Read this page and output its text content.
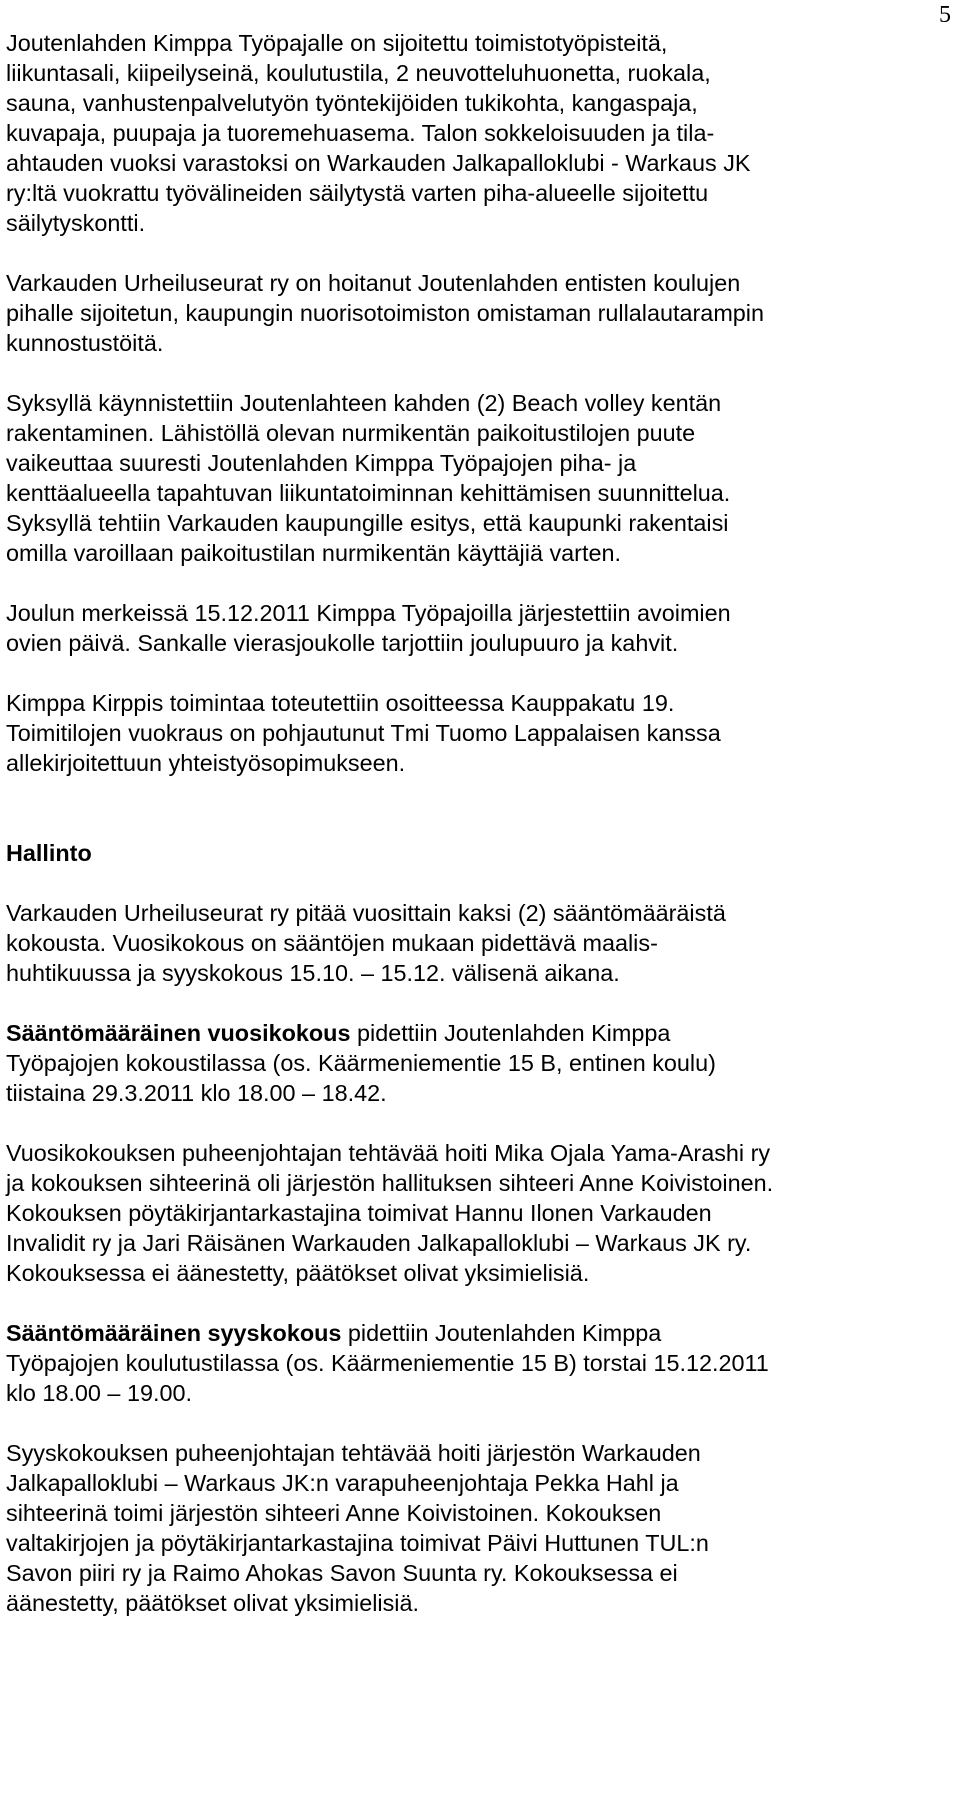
5

Joutenlahden Kimppa Työpajalle on sijoitettu toimistotyöpisteitä,
liikuntasali, kiipeilyseinä, koulutustila, 2 neuvotteluhuonetta, ruokala,
sauna, vanhustenpalvelutyön työntekijöiden tukikohta, kangaspaja,
kuvapaja, puupaja ja tuoremehuasema. Talon sokkeloisuuden ja tila-
ahtauden vuoksi varastoksi on Warkauden Jalkapalloklubi - Warkaus JK
ry:ltä vuokrattu työvälineiden säilytystä varten piha-alueelle sijoitettu
säilytyskontti.

Varkauden Urheiluseurat ry on hoitanut Joutenlahden entisten koulujen
pihalle sijoitetun, kaupungin nuorisotoimiston omistaman rullalautarampin
kunnostustöitä.

Syksyllä käynnistettiin Joutenlahteen kahden (2) Beach volley kentän
rakentaminen. Lähistöllä olevan nurmikentän paikoitustilojen puute
vaikeuttaa suuresti Joutenlahden Kimppa Työpajojen piha- ja
kenttäalueella tapahtuvan liikuntatoiminnan kehittämisen suunnittelua.
Syksyllä tehtiin Varkauden kaupungille esitys, että kaupunki rakentaisi
omilla varoillaan paikoitustilan nurmikentän käyttäjiä varten.

Joulun merkeissä 15.12.2011 Kimppa Työpajoilla järjestettiin avoimien
ovien päivä. Sankalle vierasjoukolle tarjottiin joulupuuro ja kahvit.

Kimppa Kirppis toimintaa toteutettiin osoitteessa Kauppakatu 19.
Toimitilojen vuokraus on pohjautunut Tmi Tuomo Lappalaisen kanssa
allekirjoitettuun yhteistyösopimukseen.

Hallinto

Varkauden Urheiluseurat ry pitää vuosittain kaksi (2) sääntömääräistä
kokousta. Vuosikokous on sääntöjen mukaan pidettävä maalis-
huhtikuussa ja syyskokous 15.10. – 15.12. välisenä aikana.

Sääntömääräinen vuosikokous pidettiin Joutenlahden Kimppa
Työpajojen kokoustilassa (os. Käärmeniementie 15 B, entinen koulu)
tiistaina 29.3.2011 klo 18.00 – 18.42.

Vuosikokouksen puheenjohtajan tehtävää hoiti Mika Ojala Yama-Arashi ry
ja kokouksen sihteerinä oli järjestön hallituksen sihteeri Anne Koivistoinen.
Kokouksen pöytäkirjantarkastajina toimivat Hannu Ilonen Varkauden
Invalidit ry ja Jari Räisänen Warkauden Jalkapalloklubi – Warkaus JK ry.
Kokouksessa ei äänestetty, päätökset olivat yksimielisiä.

Sääntömääräinen syyskokous pidettiin Joutenlahden Kimppa
Työpajojen koulutustilassa (os. Käärmeniementie 15 B) torstai 15.12.2011
klo 18.00 – 19.00.

Syyskokouksen puheenjohtajan tehtävää hoiti järjestön Warkauden
Jalkapalloklubi – Warkaus JK:n varapuheenjohtaja Pekka Hahl ja
sihteerinä toimi järjestön sihteeri Anne Koivistoinen. Kokouksen
valtakirjojen ja pöytäkirjantarkastajina toimivat Päivi Huttunen TUL:n
Savon piiri ry ja Raimo Ahokas Savon Suunta ry. Kokouksessa ei
äänestetty, päätökset olivat yksimielisiä.
